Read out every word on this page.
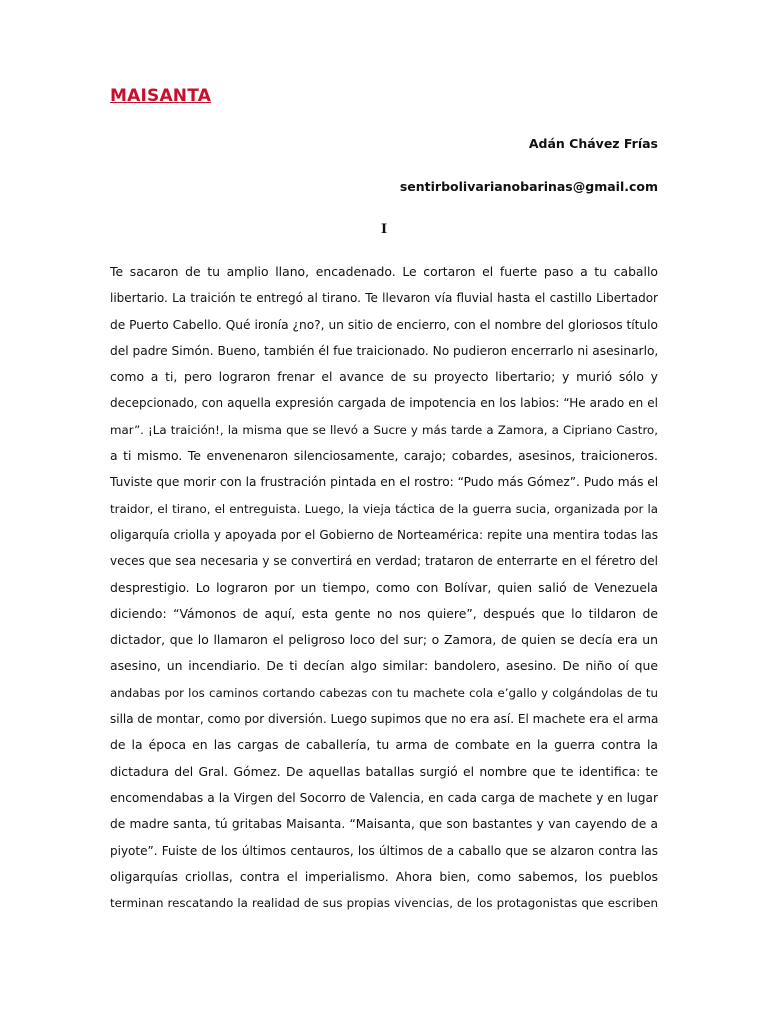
MAISANTA
Adán Chávez Frías
sentirbolivarianobarinas@gmail.com
I

Te sacaron de tu amplio llano, encadenado. Le cortaron el fuerte paso a tu caballo
libertario. La traición te entregó al tirano. Te llevaron vía fluvial hasta el castillo Libertador
de Puerto Cabello. Qué ironía ¿no?, un sitio de encierro, con el nombre del gloriosos título
del padre Simón. Bueno, también él fue traicionado. No pudieron encerrarlo ni asesinarlo,
como a ti, pero lograron frenar el avance de su proyecto libertario; y murió sólo y
decepcionado, con aquella expresión cargada de impotencia en los labios: “He arado en el
mar”. ¡La traición!, la misma que se llevó a Sucre y más tarde a Zamora, a Cipriano Castro,
a ti mismo. Te envenenaron silenciosamente, carajo; cobardes, asesinos, traicioneros.
Tuviste que morir con la frustración pintada en el rostro: “Pudo más Gómez”. Pudo más el
traidor, el tirano, el entreguista. Luego, la vieja táctica de la guerra sucia, organizada por la
oligarquía criolla y apoyada por el Gobierno de Norteamérica: repite una mentira todas las
veces que sea necesaria y se convertirá en verdad; trataron de enterrarte en el féretro del
desprestigio. Lo lograron por un tiempo, como con Bolívar, quien salió de Venezuela
diciendo: “Vámonos de aquí, esta gente no nos quiere”, después que lo tildaron de
dictador, que lo llamaron el peligroso loco del sur; o Zamora, de quien se decía era un
asesino, un incendiario. De ti decían algo similar: bandolero, asesino. De niño oí que
andabas por los caminos cortando cabezas con tu machete cola e’gallo y colgándolas de tu
silla de montar, como por diversión. Luego supimos que no era así. El machete era el arma
de la época en las cargas de caballería, tu arma de combate en la guerra contra la
dictadura del Gral. Gómez. De aquellas batallas surgió el nombre que te identifica: te
encomendabas a la Virgen del Socorro de Valencia, en cada carga de machete y en lugar
de madre santa, tú gritabas Maisanta. “Maisanta, que son bastantes y van cayendo de a
piyote”. Fuiste de los últimos centauros, los últimos de a caballo que se alzaron contra las
oligarquías criollas, contra el imperialismo. Ahora bien, como sabemos, los pueblos
terminan rescatando la realidad de sus propias vivencias, de los protagonistas que escriben
